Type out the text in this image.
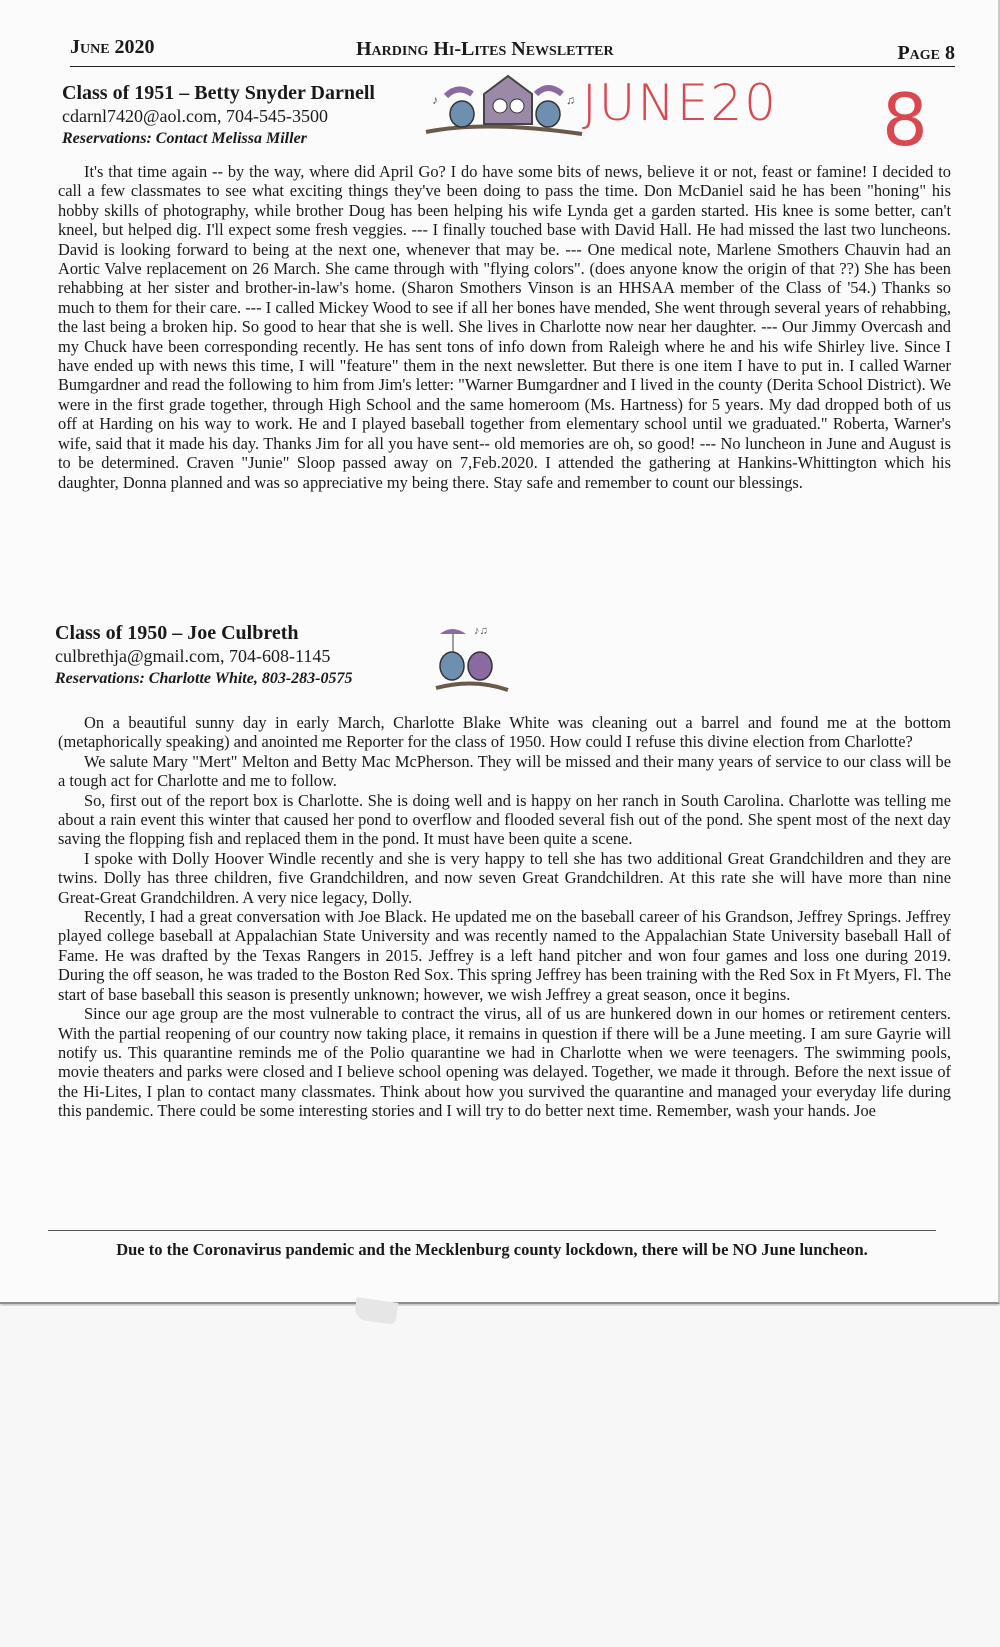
June 2020	Harding Hi-Lites Newsletter	Page 8
Class of 1951 – Betty Snyder Darnell
cdarnl7420@aol.com, 704-545-3500
Reservations: Contact Melissa Miller
♪	♫ JUNE20 8

It's that time again -- by the way, where did April Go? I do have some bits of news, believe it or not, feast or famine! I decided to call a few classmates to see what exciting things they've been doing to pass the time. Don McDaniel said he has been "honing" his hobby skills of photography, while brother Doug has been helping his wife Lynda get a garden started. His knee is some better, can't kneel, but helped dig. I'll expect some fresh veggies. --- I finally touched base with David Hall. He had missed the last two luncheons. David is looking forward to being at the next one, whenever that may be. --- One medical note, Marlene Smothers Chauvin had an Aortic Valve replacement on 26 March. She came through with "flying colors". (does anyone know the origin of that ??) She has been rehabbing at her sister and brother-in-law's home. (Sharon Smothers Vinson is an HHSAA member of the Class of '54.) Thanks so much to them for their care. --- I called Mickey Wood to see if all her bones have mended, She went through several years of rehabbing, the last being a broken hip. So good to hear that she is well. She lives in Charlotte now near her daughter. --- Our Jimmy Overcash and my Chuck have been corresponding recently. He has sent tons of info down from Raleigh where he and his wife Shirley live. Since I have ended up with news this time, I will "feature" them in the next newsletter. But there is one item I have to put in. I called Warner Bumgardner and read the following to him from Jim's letter: "Warner Bumgardner and I lived in the county (Derita School District). We were in the first grade together, through High School and the same homeroom (Ms. Hartness) for 5 years. My dad dropped both of us off at Harding on his way to work. He and I played baseball together from elementary school until we graduated." Roberta, Warner's wife, said that it made his day. Thanks Jim for all you have sent-- old memories are oh, so good! --- No luncheon in June and August is to be determined. Craven "Junie" Sloop passed away on 7,Feb.2020. I attended the gathering at Hankins-Whittington which his daughter, Donna planned and was so appreciative my being there. Stay safe and remember to count our blessings.

Class of 1950 – Joe Culbreth
culbrethja@gmail.com, 704-608-1145
Reservations: Charlotte White, 803-283-0575
♪♫

On a beautiful sunny day in early March, Charlotte Blake White was cleaning out a barrel and found me at the bottom (metaphorically speaking) and anointed me Reporter for the class of 1950. How could I refuse this divine election from Charlotte?

We salute Mary "Mert" Melton and Betty Mac McPherson. They will be missed and their many years of service to our class will be a tough act for Charlotte and me to follow.

So, first out of the report box is Charlotte. She is doing well and is happy on her ranch in South Carolina. Charlotte was telling me about a rain event this winter that caused her pond to overflow and flooded several fish out of the pond. She spent most of the next day saving the flopping fish and replaced them in the pond. It must have been quite a scene.

I spoke with Dolly Hoover Windle recently and she is very happy to tell she has two additional Great Grandchildren and they are twins. Dolly has three children, five Grandchildren, and now seven Great Grandchildren. At this rate she will have more than nine Great-Great Grandchildren. A very nice legacy, Dolly.

Recently, I had a great conversation with Joe Black. He updated me on the baseball career of his Grandson, Jeffrey Springs. Jeffrey played college baseball at Appalachian State University and was recently named to the Appalachian State University baseball Hall of Fame. He was drafted by the Texas Rangers in 2015. Jeffrey is a left hand pitcher and won four games and loss one during 2019. During the off season, he was traded to the Boston Red Sox. This spring Jeffrey has been training with the Red Sox in Ft Myers, Fl. The start of base baseball this season is presently unknown; however, we wish Jeffrey a great season, once it begins.

Since our age group are the most vulnerable to contract the virus, all of us are hunkered down in our homes or retirement centers. With the partial reopening of our country now taking place, it remains in question if there will be a June meeting. I am sure Gayrie will notify us. This quarantine reminds me of the Polio quarantine we had in Charlotte when we were teenagers. The swimming pools, movie theaters and parks were closed and I believe school opening was delayed. Together, we made it through. Before the next issue of the Hi-Lites, I plan to contact many classmates. Think about how you survived the quarantine and managed your everyday life during this pandemic. There could be some interesting stories and I will try to do better next time. Remember, wash your hands. Joe

Due to the Coronavirus pandemic and the Mecklenburg county lockdown, there will be NO June luncheon.
